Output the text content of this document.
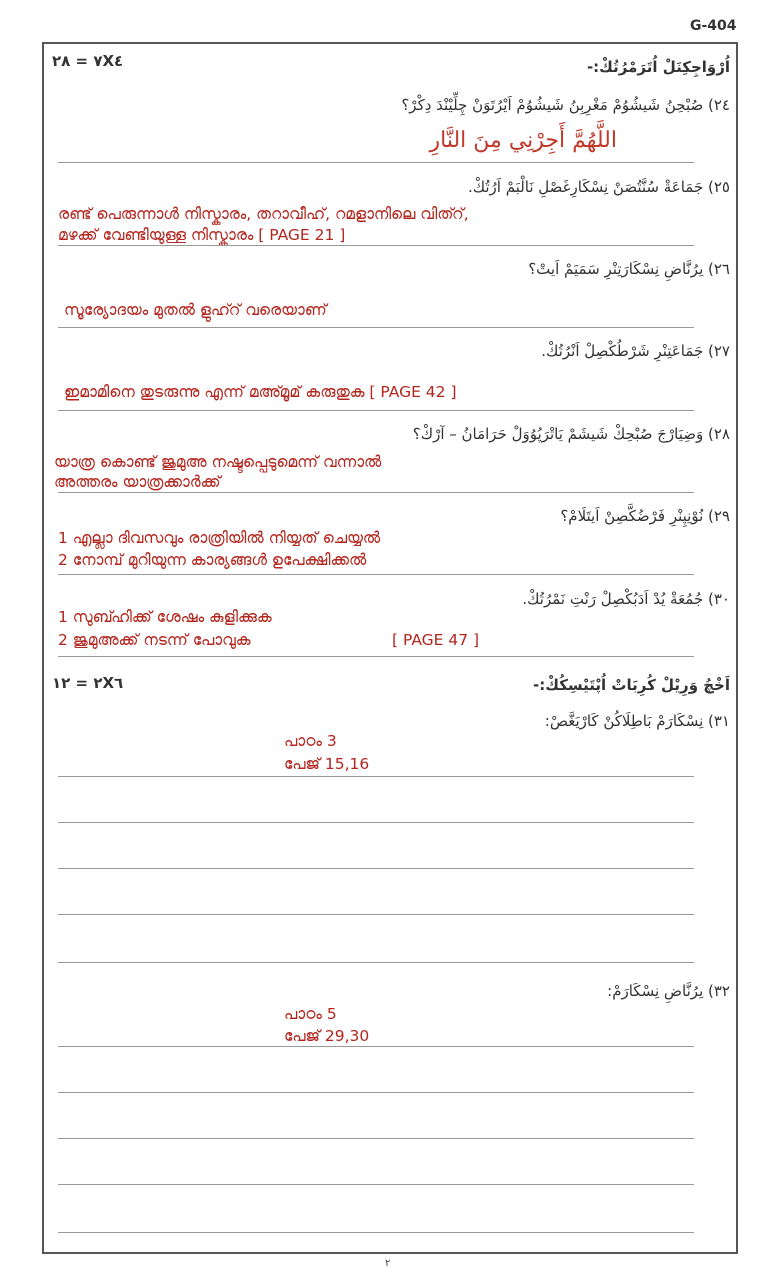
G-404
٧X٤ = ٢٨	اُرْوَاجِكِنَلْ اُتَرَمْرُتُكْ:-
٢٤) صُبْحِنُ شَيشُوُمْ مَغْرِبِنُ شَيشُوُمْ اَيْرُتَوَنْ چِلِّيْنْدَ دِكْرْ؟
اللَّهُمَّ أَجِرْنِي مِنَ النَّارِ
٢٥) جَمَاعَةْ سُنَّتُصَنْ نِسْكَارِغَصْلِ نَالْبَمْ اَرُتُكْ.
രണ്ട് പെരുന്നാൾ നിസ്കാരം, തറാവീഹ്, റമളാനിലെ വിത്റ്,
മഴക്ക് വേണ്ടിയുള്ള നിസ്കാരം [ PAGE 21 ]
٢٦) ىِرُنَّاضِ نِسْكَارَتِنْرِ سَمَيَمْ اَيتْ؟
സൂര്യോദയം മുതൽ ളുഹ്റ് വരെയാണ്
٢٧) جَمَاعَتِنْرِ شَرْطُكْصِلْ اَنْرُتُكْ.
ഇമാമിനെ തുടരുന്നു എന്ന് മഅ്മൂമ് കരുതുക [ PAGE 42 ]
٢٨) وَضِيَارْجَ صُبْحِكْ شَيشَمْ يَاتْرَپُوُوَلْ حَرَامَانُ – آرْكْ؟
യാത്ര കൊണ്ട് ജുമുഅ നഷ്ടപ്പെടുമെന്ന് വന്നാൽ
അത്തരം യാത്രക്കാർക്ക്
٢٩) نُوْنِپِنْرِ فَرْضُكَّصِنْ اَيتَلَامْ؟
1 എല്ലാ ദിവസവും രാത്രിയിൽ നിയ്യത് ചെയ്യൽ
2 നോമ്പ് മുറിയുന്ന കാര്യങ്ങൾ ഉപേക്ഷിക്കൽ
٣٠) جُمُعَةْ يُدْ اَدَبُكْصِلْ رَنْتِ نَمْرُتُكْ.
1 സുബ്ഹിക്ക് ശേഷം കുളിക്കുക
2 ജുമുഅക്ക് നടന്ന് പോവുക	[ PAGE 47 ]
٢X٦ = ١٢	اَخْچُ وَرِيْلْ كُرِبَاتْ اُپْتَيْسِكُكْ:-
٣١) نِسْكَارَمْ بَاطِلَاكُنْ كَارْيَغَّصْ:
പാഠം 3
പേജ് 15,16
٣٢) ىِرُنَّاضِ نِسْكَارَمْ:
പാഠം 5
പേജ് 29,30
٢
